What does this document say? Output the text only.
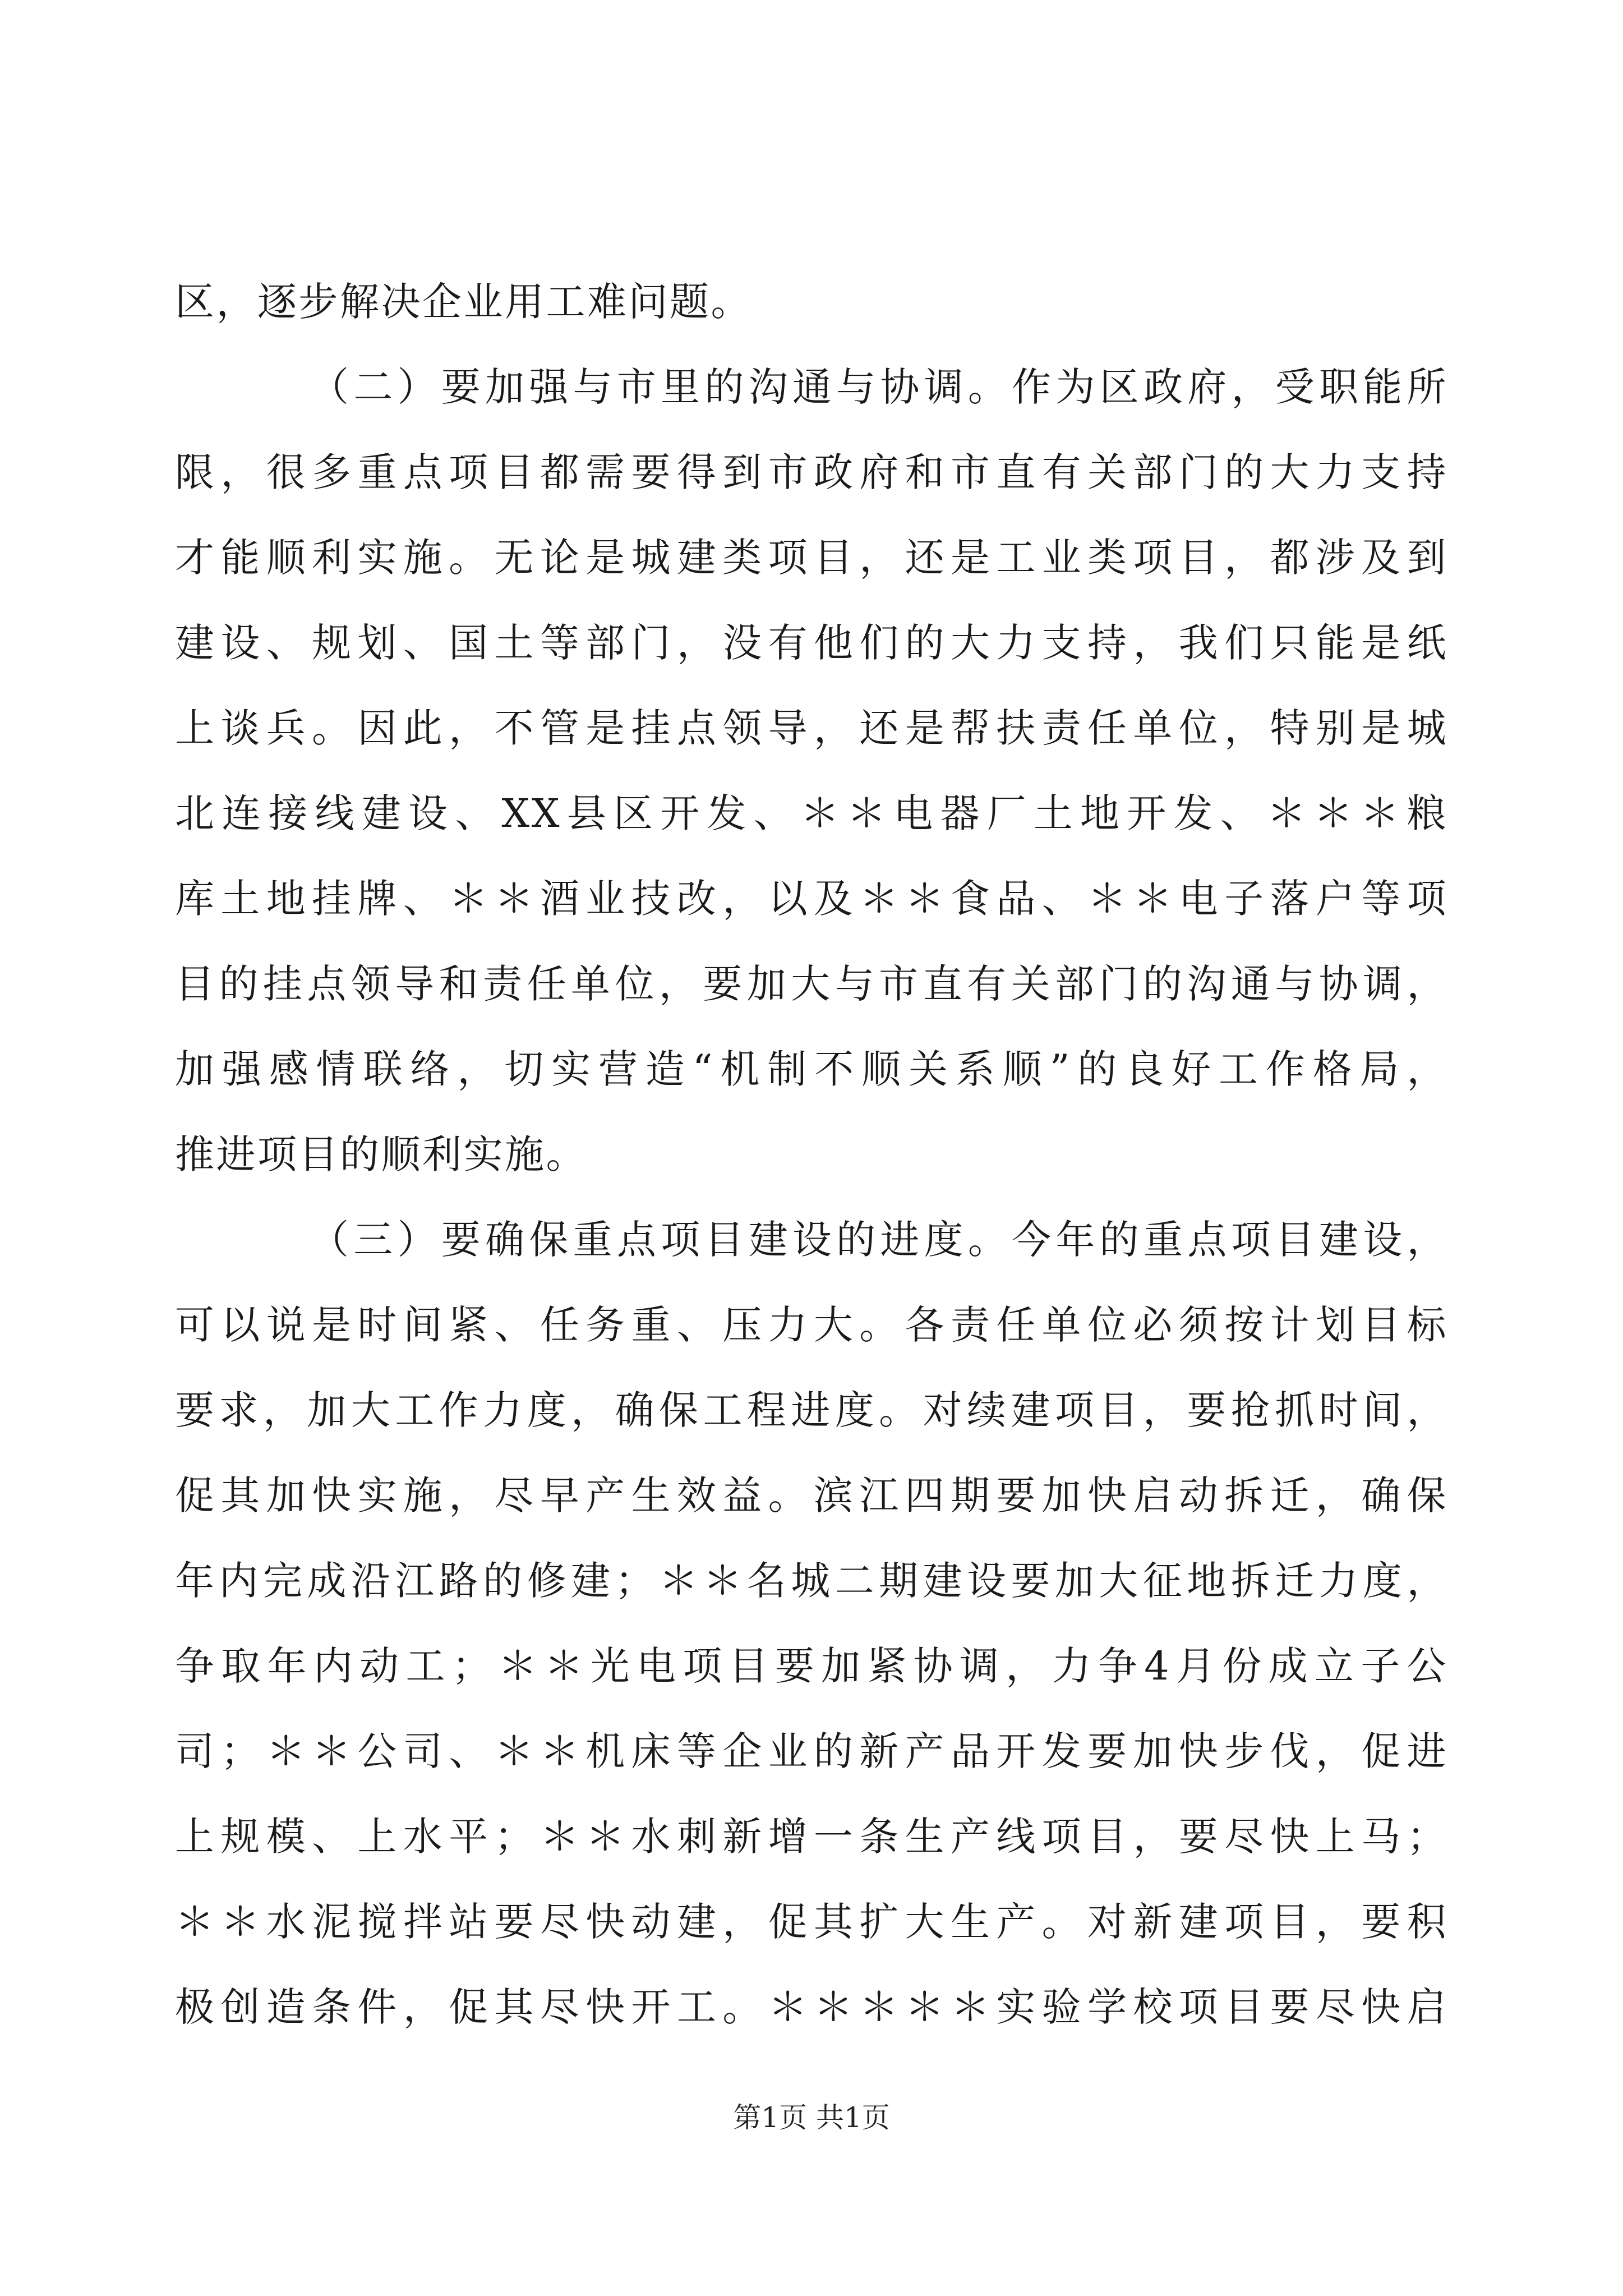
区，逐步解决企业用工难问题。
（二）要加强与市里的沟通与协调。作为区政府，受职能所
限，很多重点项目都需要得到市政府和市直有关部门的大力支持
才能顺利实施。无论是城建类项目，还是工业类项目，都涉及到
建设、规划、国土等部门，没有他们的大力支持，我们只能是纸
上谈兵。因此，不管是挂点领导，还是帮扶责任单位，特别是城
北连接线建设、XX县区开发、＊＊电器厂土地开发、＊＊＊粮
库土地挂牌、＊＊酒业技改，以及＊＊食品、＊＊电子落户等项
目的挂点领导和责任单位，要加大与市直有关部门的沟通与协调，
加强感情联络，切实营造“机制不顺关系顺”的良好工作格局，
推进项目的顺利实施。
（三）要确保重点项目建设的进度。今年的重点项目建设，
可以说是时间紧、任务重、压力大。各责任单位必须按计划目标
要求，加大工作力度，确保工程进度。对续建项目，要抢抓时间，
促其加快实施，尽早产生效益。滨江四期要加快启动拆迁，确保
年内完成沿江路的修建；＊＊名城二期建设要加大征地拆迁力度，
争取年内动工；＊＊光电项目要加紧协调，力争4月份成立子公
司；＊＊公司、＊＊机床等企业的新产品开发要加快步伐，促进
上规模、上水平；＊＊水刺新增一条生产线项目，要尽快上马；
＊＊水泥搅拌站要尽快动建，促其扩大生产。对新建项目，要积
极创造条件，促其尽快开工。＊＊＊＊＊实验学校项目要尽快启
第1页 共1页
